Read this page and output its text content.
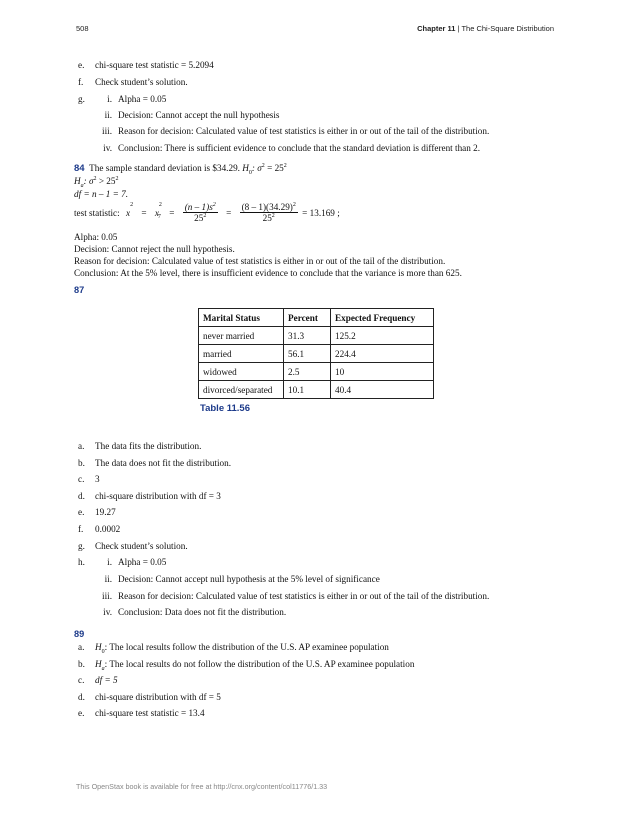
508	Chapter 11 | The Chi-Square Distribution
e. chi-square test statistic = 5.2094
f. Check student’s solution.
g.	i. Alpha = 0.05
ii. Decision: Cannot accept the null hypothesis
iii. Reason for decision: Calculated value of test statistics is either in or out of the tail of the distribution.
iv. Conclusion: There is sufficient evidence to conclude that the standard deviation is different than 2.
84 The sample standard deviation is $34.29. $H_0$: $\sigma^2 = 25^2$
$H_a$: $\sigma^2 > 25^2$
df = n – 1 = 7.
test statistic: $x^2 = x^2_7 = \frac{(n - 1)s^2}{25^2} = \frac{(8 - 1)(34.29)^2}{25^2} = 13.169$ ;
Alpha: 0.05
Decision: Cannot reject the null hypothesis.
Reason for decision: Calculated value of test statistics is either in or out of the tail of the distribution.
Conclusion: At the 5% level, there is insufficient evidence to conclude that the variance is more than 625.
87
Marital Status	Percent	Expected Frequency
never married	31.3	125.2
married	56.1	224.4
widowed	2.5	10
divorced/separated	10.1	40.4
Table 11.56
a. The data fits the distribution.
b. The data does not fit the distribution.
c. 3
d. chi-square distribution with df = 3
e. 19.27
f. 0.0002
g. Check student’s solution.
h.	i. Alpha = 0.05
ii. Decision: Cannot accept null hypothesis at the 5% level of significance
iii. Reason for decision: Calculated value of test statistics is either in or out of the tail of the distribution.
iv. Conclusion: Data does not fit the distribution.
89
a. $H_0$: The local results follow the distribution of the U.S. AP examinee population
b. $H_a$: The local results do not follow the distribution of the U.S. AP examinee population
c. df = 5
d. chi-square distribution with df = 5
e. chi-square test statistic = 13.4
This OpenStax book is available for free at http://cnx.org/content/col11776/1.33
